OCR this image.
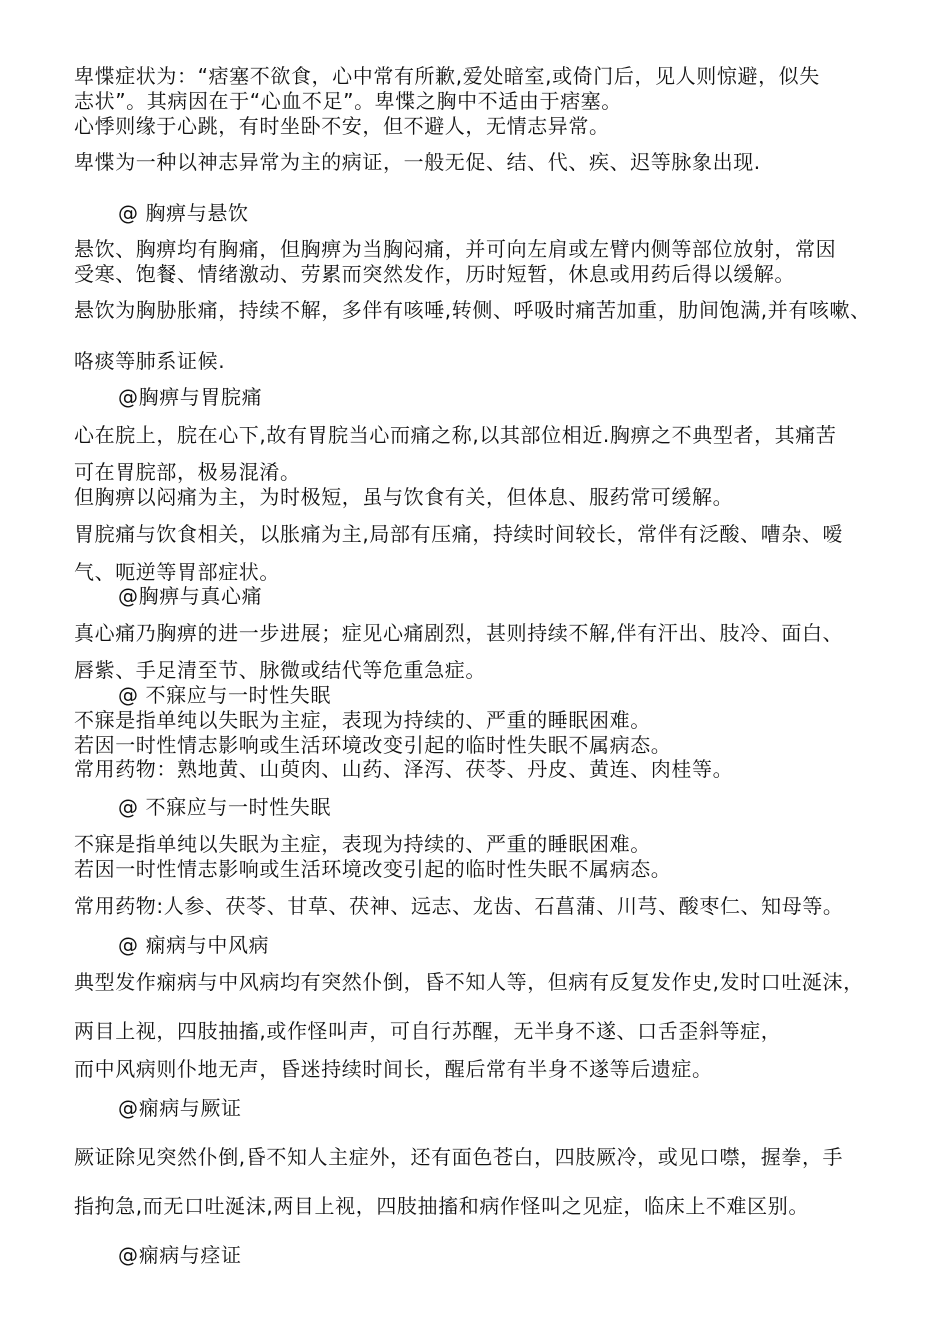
卑惵症状为：“痞塞不欲食，心中常有所歉,爱处暗室,或倚门后，见人则惊避，似失
志状”。其病因在于“心血不足”。卑惵之胸中不适由于痞塞。
心悸则缘于心跳，有时坐卧不安，但不避人，无情志异常。
卑惵为一种以神志异常为主的病证，一般无促、结、代、疾、迟等脉象出现.
@ 胸痹与悬饮
悬饮、胸痹均有胸痛，但胸痹为当胸闷痛，并可向左肩或左臂内侧等部位放射，常因
受寒、饱餐、情绪激动、劳累而突然发作，历时短暂，休息或用药后得以缓解。
悬饮为胸胁胀痛，持续不解，多伴有咳唾,转侧、呼吸时痛苦加重，肋间饱满,并有咳嗽、
咯痰等肺系证候.
@胸痹与胃脘痛
心在脘上，脘在心下,故有胃脘当心而痛之称,以其部位相近.胸痹之不典型者，其痛苦
可在胃脘部，极易混淆。
但胸痹以闷痛为主，为时极短，虽与饮食有关，但体息、服药常可缓解。
胃脘痛与饮食相关，以胀痛为主,局部有压痛，持续时间较长，常伴有泛酸、嘈杂、嗳
气、呃逆等胃部症状。
@胸痹与真心痛
真心痛乃胸痹的进一步进展；症见心痛剧烈，甚则持续不解,伴有汗出、肢冷、面白、
唇紫、手足清至节、脉微或结代等危重急症。
@ 不寐应与一时性失眠
不寐是指单纯以失眠为主症，表现为持续的、严重的睡眠困难。
若因一时性情志影响或生活环境改变引起的临时性失眠不属病态。
常用药物：熟地黄、山萸肉、山药、泽泻、茯苓、丹皮、黄连、肉桂等。
@ 不寐应与一时性失眠
不寐是指单纯以失眠为主症，表现为持续的、严重的睡眠困难。
若因一时性情志影响或生活环境改变引起的临时性失眠不属病态。
常用药物:人参、茯苓、甘草、茯神、远志、龙齿、石菖蒲、川芎、酸枣仁、知母等。
@ 痫病与中风病
典型发作痫病与中风病均有突然仆倒，昏不知人等，但病有反复发作史,发时口吐涎沫，
两目上视，四肢抽搐,或作怪叫声，可自行苏醒，无半身不遂、口舌歪斜等症，
而中风病则仆地无声，昏迷持续时间长，醒后常有半身不遂等后遗症。
@痫病与厥证
厥证除见突然仆倒,昏不知人主症外，还有面色苍白，四肢厥冷，或见口噤，握拳，手
指拘急,而无口吐涎沫,两目上视，四肢抽搐和病作怪叫之见症，临床上不难区别。
@痫病与痉证
